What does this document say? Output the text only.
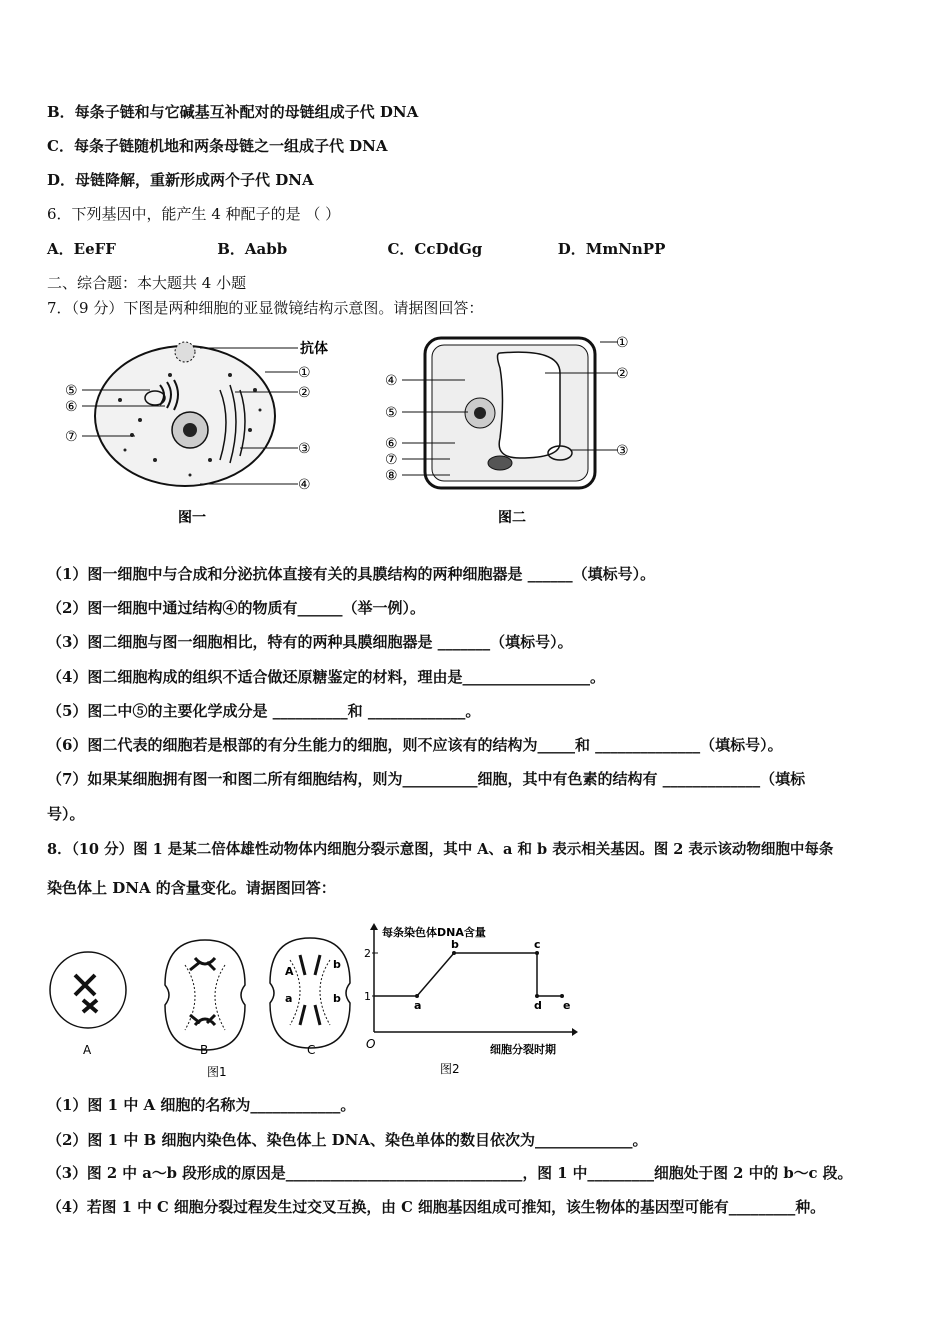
B．每条子链和与它碱基互补配对的母链组成子代 DNA
C．每条子链随机地和两条母链之一组成子代 DNA
D．母链降解，重新形成两个子代 DNA
6．下列基因中，能产生 4 种配子的是 （ ）
A．EeFF	B．Aabb	C．CcDdGg	D．MmNnPP
二、综合题：本大题共 4 小题
7．（9 分）下图是两种细胞的亚显微镜结构示意图。请据图回答：
抗体
①
②
③
④
⑤
⑥
⑦
图一
①
②
③
④
⑤
⑥
⑦
⑧
图二
（1）图一细胞中与合成和分泌抗体直接有关的具膜结构的两种细胞器是 ______（填标号）。
（2）图一细胞中通过结构④的物质有______（举一例）。
（3）图二细胞与图一细胞相比，特有的两种具膜细胞器是 _______（填标号）。
（4）图二细胞构成的组织不适合做还原糖鉴定的材料，理由是_________________。
（5）图二中⑤的主要化学成分是 __________和 _____________。
（6）图二代表的细胞若是根部的有分生能力的细胞，则不应该有的结构为_____和 ______________（填标号）。
（7）如果某细胞拥有图一和图二所有细胞结构，则为__________细胞，其中有色素的结构有 _____________（填标
号）。
8．（10 分）图 1 是某二倍体雄性动物体内细胞分裂示意图，其中 A、a 和 b 表示相关基因。图 2 表示该动物细胞中每条
染色体上 DNA 的含量变化。请据图回答：
A	B
A
a
b
b
C
图1
每条染色体DNA含量
细胞分裂时期
O
1
2
a
b	c
d e
图2
（1）图 1 中 A 细胞的名称为____________。
（2）图 1 中 B 细胞内染色体、染色体上 DNA、染色单体的数目依次为_____________。
（3）图 2 中 a～b 段形成的原因是________________________________，图 1 中_________细胞处于图 2 中的 b～c 段。
（4）若图 1 中 C 细胞分裂过程发生过交叉互换，由 C 细胞基因组成可推知，该生物体的基因型可能有_________种。
